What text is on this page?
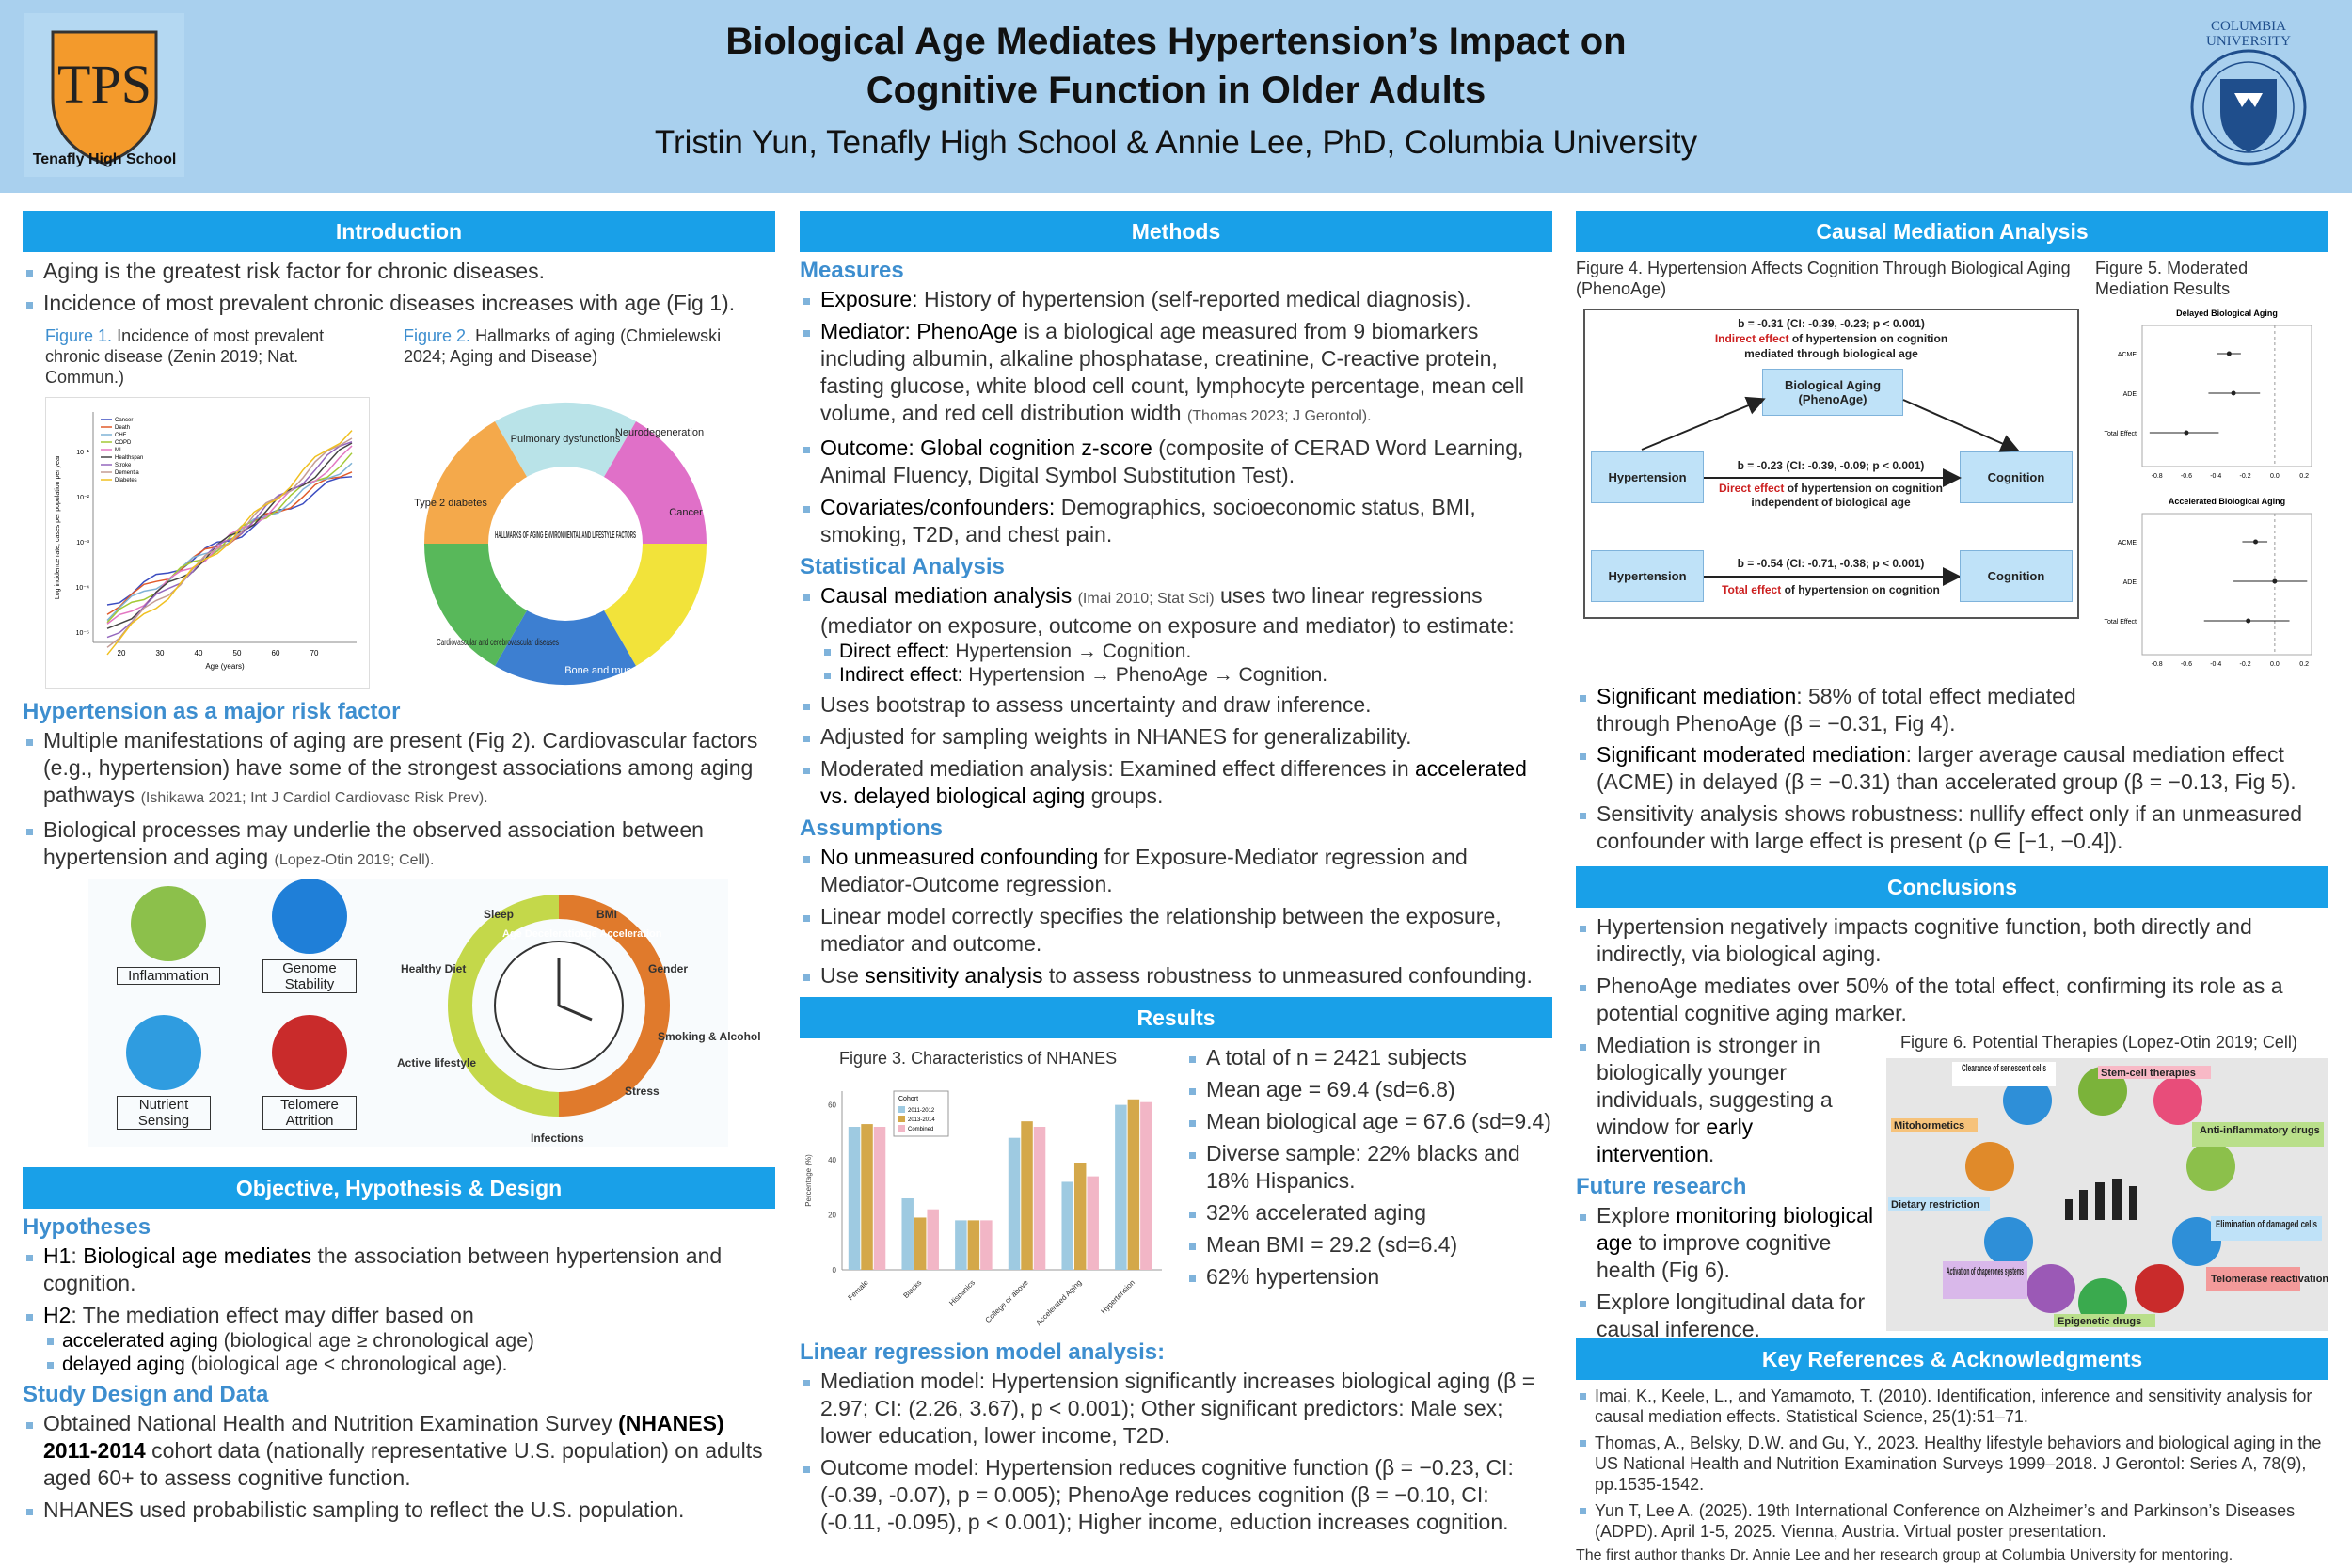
TPS
Tenafly High School
Biological Age Mediates Hypertension’s Impact on
Cognitive Function in Older Adults
Tristin Yun, Tenafly High School & Annie Lee, PhD, Columbia University
COLUMBIA
UNIVERSITY
Introduction
Aging is the greatest risk factor for chronic diseases.
Incidence of most prevalent chronic diseases increases with age (Fig 1).
Figure 1. Incidence of most prevalent chronic disease (Zenin 2019; Nat. Commun.)
Figure 2. Hallmarks of aging (Chmielewski 2024; Aging and Disease)
20	30	40	50	60	70
10⁻¹
10⁻²
10⁻³
10⁻⁴
10⁻⁵
Age (years)
Log incidence rate, cases per population per year
Cancer
Death
CHF
COPD
MI
Healthspan
Stroke
Dementia
Diabetes
HALLMARKS OF AGING ENVIRONMENTAL AND LIFESTYLE FACTORS
Pulmonary dysfunctions
Neurodegeneration
Cancer
Bone and muscle loss
Cardiovascular and cerebrovascular diseases
Type 2 diabetes
Hypertension as a major risk factor
Multiple manifestations of aging are present (Fig 2). Cardiovascular factors (e.g., hypertension) have some of the strongest associations among aging pathways (Ishikawa 2021; Int J Cardiol Cardiovasc Risk Prev).
Biological processes may underlie the observed association between hypertension and aging (Lopez-Otin 2019; Cell).
Inflammation	Genome Stability
Nutrient Sensing
Telomere Attrition
Sleep	BMI
Gender
Smoking & Alcohol
Stress
Infections
Active lifestyle
Healthy Diet
Age Deceleration
Age Acceleration
Objective, Hypothesis & Design
Hypotheses
H1: Biological age mediates the association between hypertension and cognition.
H2: The mediation effect may differ based on
accelerated aging (biological age ≥ chronological age)
delayed aging (biological age < chronological age).
Study Design and Data
Obtained National Health and Nutrition Examination Survey (NHANES) 2011-2014 cohort data (nationally representative U.S. population) on adults aged 60+ to assess cognitive function.
NHANES used probabilistic sampling to reflect the U.S. population.
Methods
Measures
Exposure: History of hypertension (self-reported medical diagnosis).
Mediator: PhenoAge is a biological age measured from 9 biomarkers including albumin, alkaline phosphatase, creatinine, C-reactive protein, fasting glucose, white blood cell count, lymphocyte percentage, mean cell volume, and red cell distribution width (Thomas 2023; J Gerontol).
Outcome: Global cognition z-score (composite of CERAD Word Learning, Animal Fluency, Digital Symbol Substitution Test).
Covariates/confounders: Demographics, socioeconomic status, BMI, smoking, T2D, and chest pain.
Statistical Analysis
Causal mediation analysis (Imai 2010; Stat Sci) uses two linear regressions (mediator on exposure, outcome on exposure and mediator) to estimate:
Direct effect: Hypertension → Cognition.
Indirect effect: Hypertension → PhenoAge → Cognition.
Uses bootstrap to assess uncertainty and draw inference.
Adjusted for sampling weights in NHANES for generalizability.
Moderated mediation analysis: Examined effect differences in accelerated vs. delayed biological aging groups.
Assumptions
No unmeasured confounding for Exposure-Mediator regression and Mediator-Outcome regression.
Linear model correctly specifies the relationship between the exposure, mediator and outcome.
Use sensitivity analysis to assess robustness to unmeasured confounding.
Results
Figure 3. Characteristics of NHANES
0
20
40
60
Percentage (%)
Female	Blacks	Hispanics College or above Accelerated Aging Hypertension
Cohort
2011-2012
2013-2014
Combined
A total of n = 2421 subjects
Mean age = 69.4 (sd=6.8)
Mean biological age = 67.6 (sd=9.4)
Diverse sample: 22% blacks and 18% Hispanics.
32% accelerated aging
Mean BMI = 29.2 (sd=6.4)
62% hypertension
Linear regression model analysis:
Mediation model: Hypertension significantly increases biological aging (β = 2.97; CI: (2.26, 3.67), p < 0.001); Other significant predictors: Male sex; lower education, lower income, T2D.
Outcome model: Hypertension reduces cognitive function (β = −0.23, CI: (-0.39, -0.07), p = 0.005); PhenoAge reduces cognition (β = −0.10, CI: (-0.11, -0.095), p < 0.001); Higher income, eduction increases cognition.
Causal Mediation Analysis
Figure 4. Hypertension Affects Cognition Through Biological Aging (PhenoAge)
Figure 5. Moderated Mediation Results
b = -0.31 (CI: -0.39, -0.23; p < 0.001)
Indirect effect of hypertension on cognition
mediated through biological age
Biological Aging (PhenoAge)
Hypertension	Cognition
b = -0.23 (CI: -0.39, -0.09; p < 0.001)
Direct effect of hypertension on cognition
independent of biological age
Hypertension	Cognition
b = -0.54 (CI: -0.71, -0.38; p < 0.001)
Total effect of hypertension on cognition
Delayed Biological Aging
ACME
ADE
Total Effect
-0.8	-0.6	-0.4	-0.2	0.0	0.2
Accelerated Biological Aging
ACME
ADE
Total Effect
-0.8	-0.6	-0.4	-0.2	0.0	0.2
Significant mediation: 58% of total effect mediated through PhenoAge (β = −0.31, Fig 4).
Significant moderated mediation: larger average causal mediation effect (ACME) in delayed (β = −0.31) than accelerated group (β = −0.13, Fig 5).
Sensitivity analysis shows robustness: nullify effect only if an unmeasured confounder with large effect is present (ρ ∈ [−1, −0.4]).
Conclusions
Hypertension negatively impacts cognitive function, both directly and indirectly, via biological aging.
PhenoAge mediates over 50% of the total effect, confirming its role as a potential cognitive aging marker.
Mediation is stronger in biologically younger individuals, suggesting a window for early intervention.
Future research
Explore monitoring biological age to improve cognitive health (Fig 6).
Explore longitudinal data for causal inference.
Figure 6. Potential Therapies (Lopez-Otin 2019; Cell)
Clearance of senescent cells	Stem-cell therapies
Anti-inflammatory drugs
Mitohormetics
Dietary restriction
Elimination of damaged cells
Activation of chaperones systems
Telomerase reactivation
Epigenetic drugs
Key References & Acknowledgments
Imai, K., Keele, L., and Yamamoto, T. (2010). Identification, inference and sensitivity analysis for causal mediation effects. Statistical Science, 25(1):51–71.
Thomas, A., Belsky, D.W. and Gu, Y., 2023. Healthy lifestyle behaviors and biological aging in the US National Health and Nutrition Examination Surveys 1999–2018. J Gerontol: Series A, 78(9), pp.1535-1542.
Yun T, Lee A. (2025). 19th International Conference on Alzheimer’s and Parkinson’s Diseases (ADPD). April 1-5, 2025. Vienna, Austria. Virtual poster presentation.
The first author thanks Dr. Annie Lee and her research group at Columbia University for mentoring.
